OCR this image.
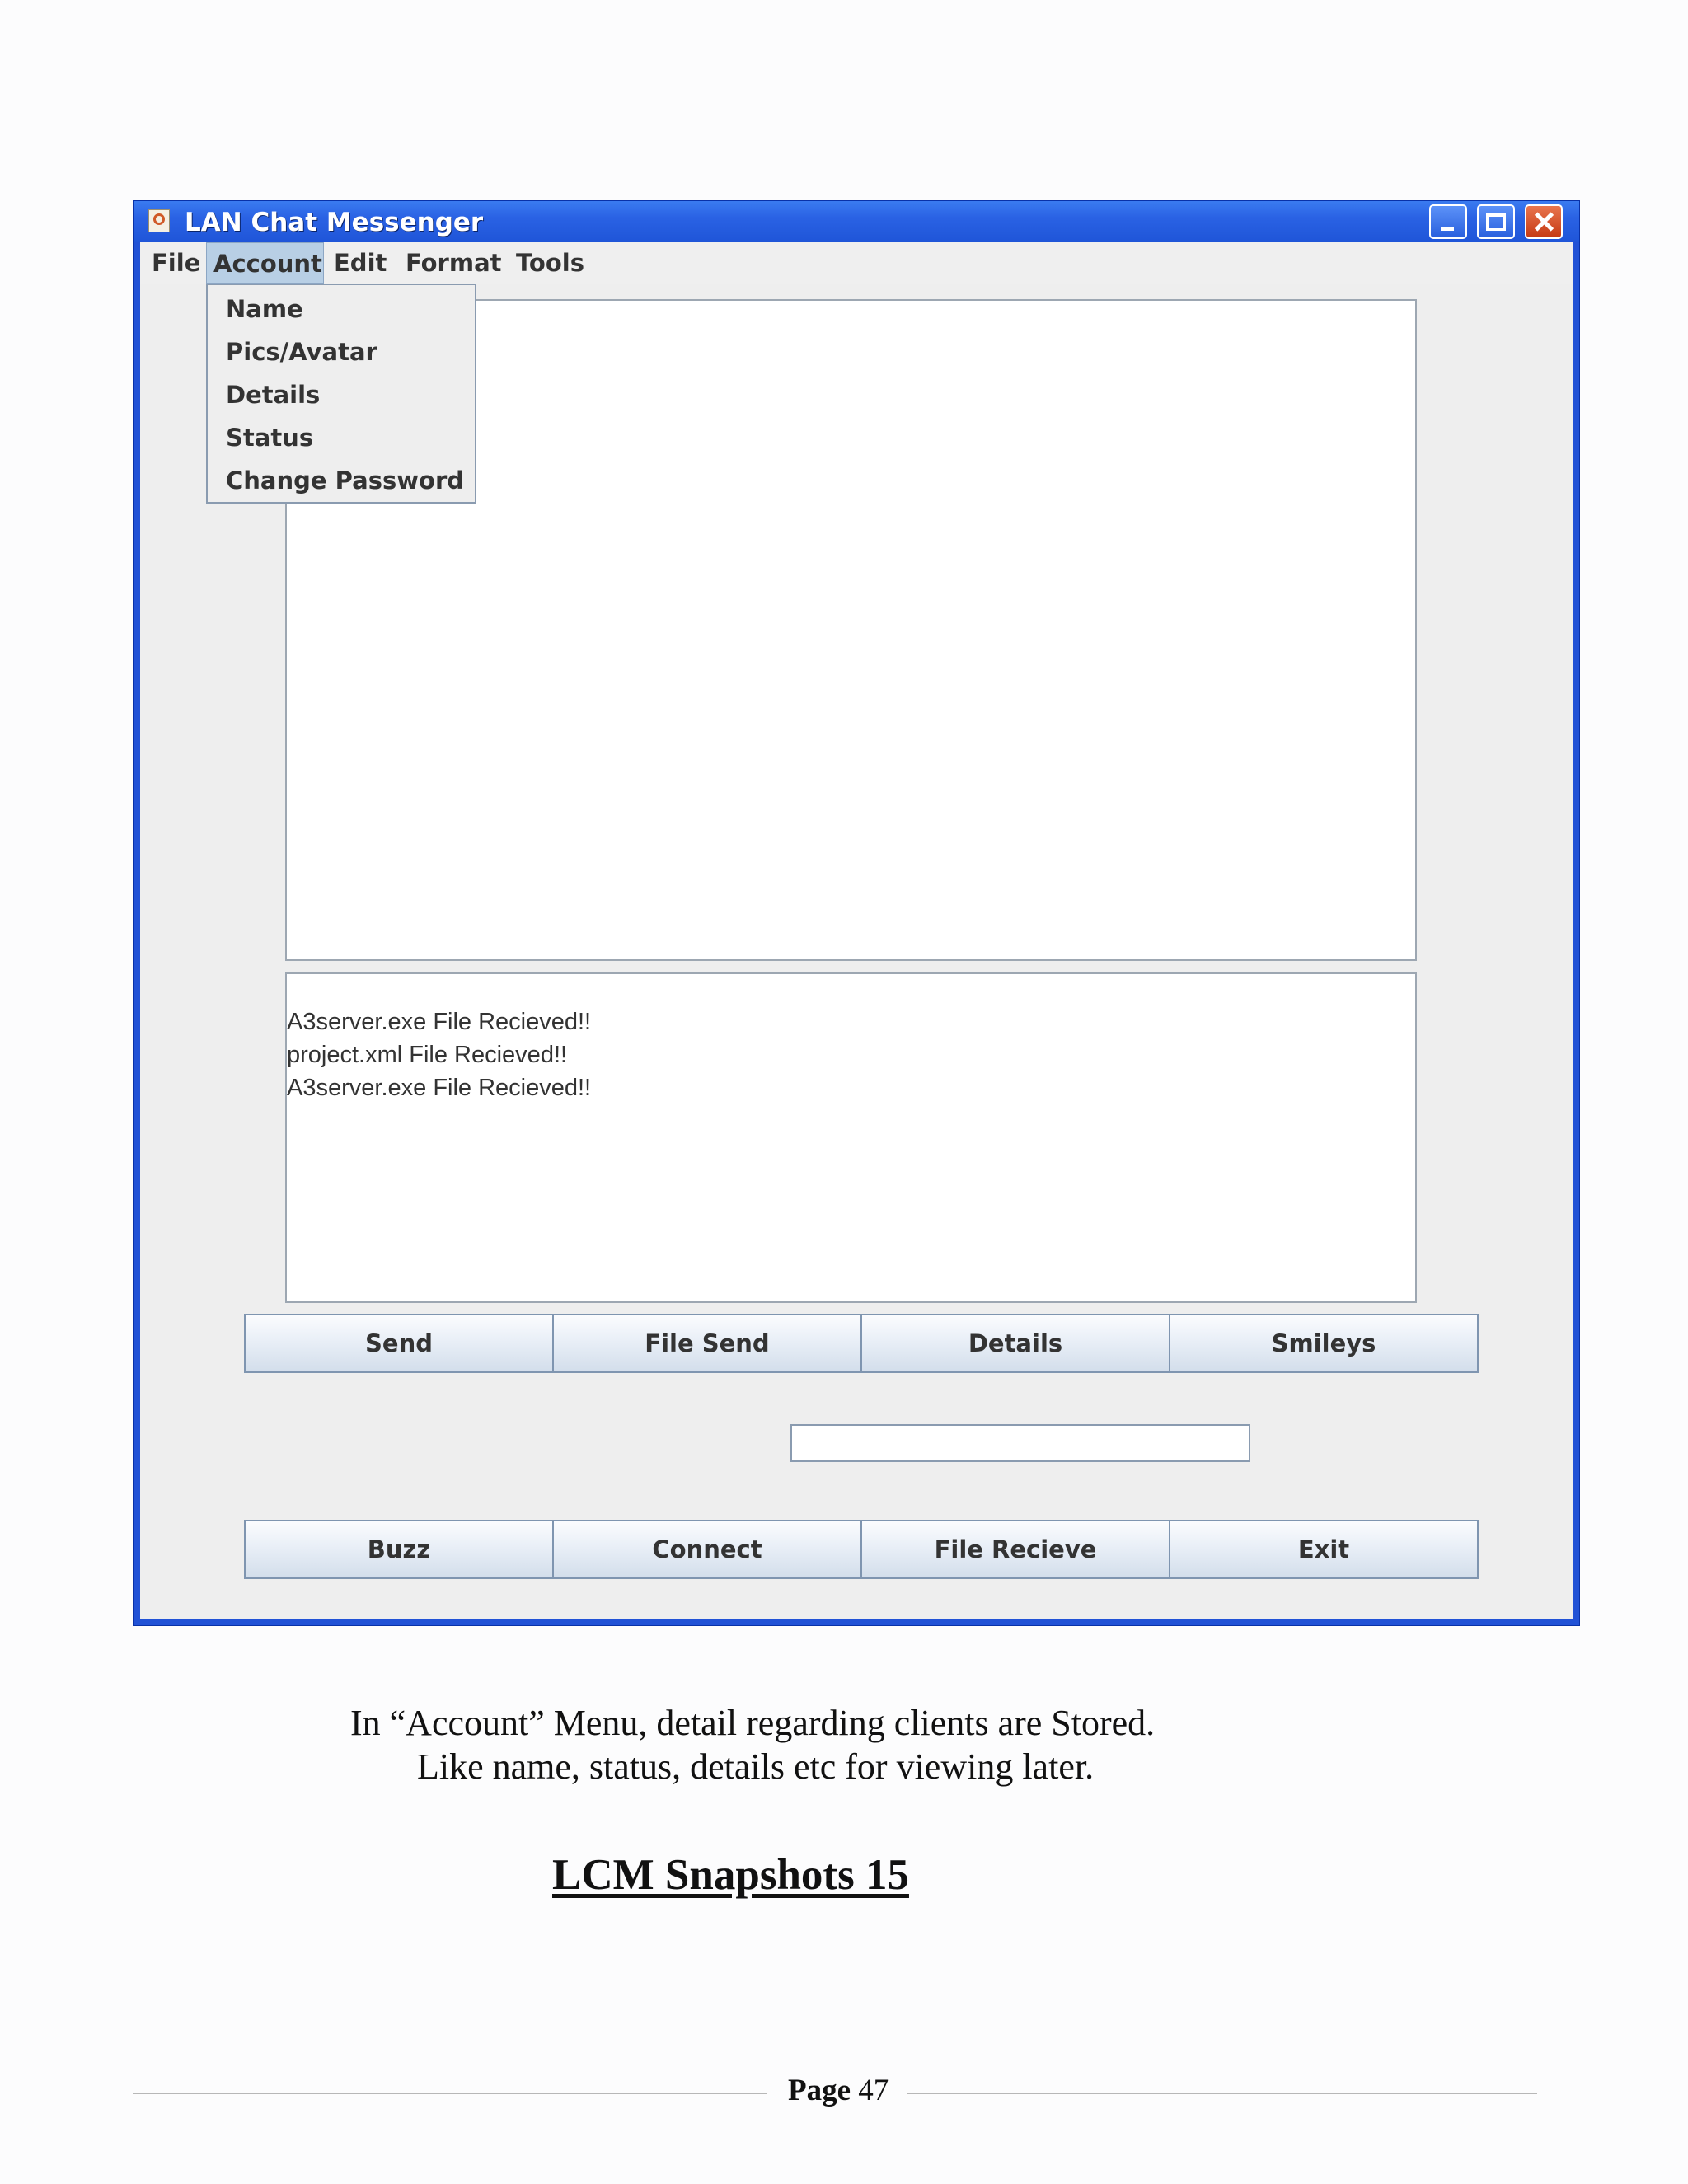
LAN Chat Messenger
File Account Edit Format Tools
Name
Pics/Avatar
Details
Status
Change Password
A3server.exe File Recieved!!
project.xml File Recieved!!
A3server.exe File Recieved!!
Send	File Send	Details	Smileys
Buzz	Connect	File Recieve	Exit
In “Account” Menu, detail regarding clients are Stored.
Like name, status, details etc for viewing later.
LCM Snapshots 15
Page 47
